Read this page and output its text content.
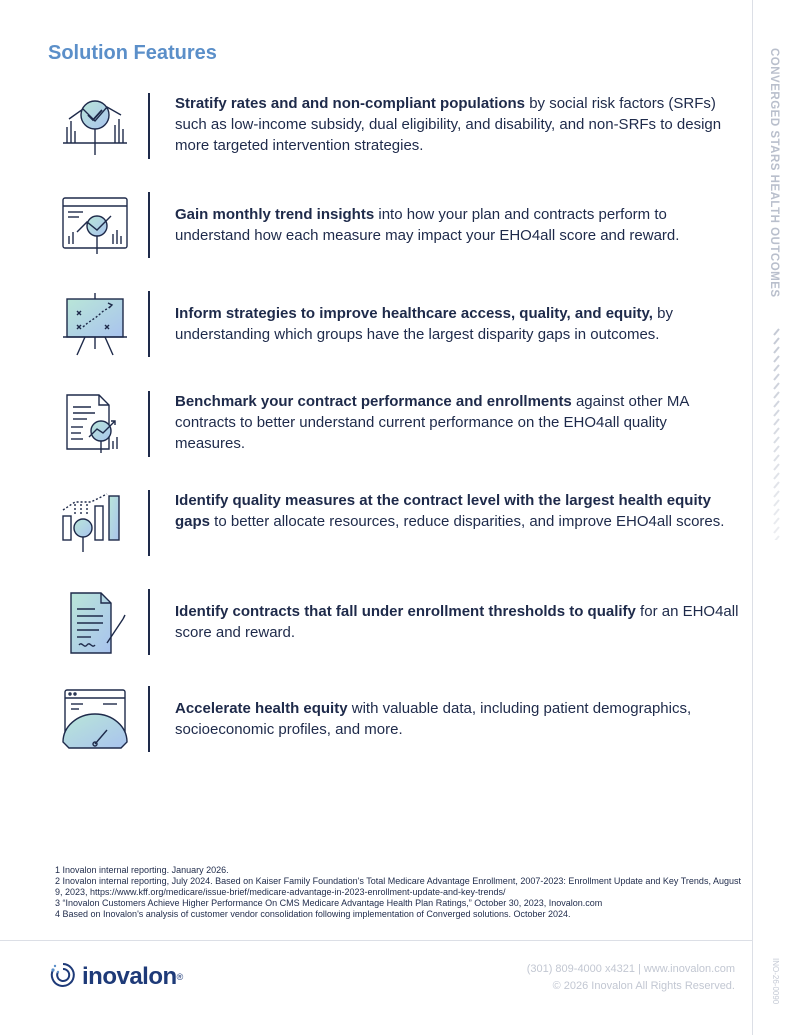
Solution Features

Stratify rates and and non-compliant populations by social risk factors (SRFs) such as low-income subsidy, dual eligibility, and disability, and non-SRFs to design more targeted intervention strategies.

Gain monthly trend insights into how your plan and contracts perform to understand how each measure may impact your EHO4all score and reward.

Inform strategies to improve healthcare access, quality, and equity, by understanding which groups have the largest disparity gaps in outcomes.

Benchmark your contract performance and enrollments against other MA contracts to better understand current performance on the EHO4all quality measures.

Identify quality measures at the contract level with the largest health equity gaps to better allocate resources, reduce disparities, and improve EHO4all scores.

Identify contracts that fall under enrollment thresholds to qualify for an EHO4all score and reward.

Accelerate health equity with valuable data, including patient demographics, socioeconomic profiles, and more.

1 Inovalon internal reporting. January 2026.

2 Inovalon internal reporting, July 2024. Based on Kaiser Family Foundation's Total Medicare Advantage Enrollment, 2007-2023: Enrollment Update and Key Trends, August 9, 2023, https://www.kff.org/medicare/issue-brief/medicare-advantage-in-2023-enrollment-update-and-key-trends/

3 “Inovalon Customers Achieve Higher Performance On CMS Medicare Advantage Health Plan Ratings,” October 30, 2023, Inovalon.com

4 Based on Inovalon's analysis of customer vendor consolidation following implementation of Converged solutions. October 2024.

inovalon ®
(301) 809-4000 x4321 | www.inovalon.com
© 2026 Inovalon All Rights Reserved.
CONVERGED STARS HEALTH OUTCOMES
INO-26-0090
